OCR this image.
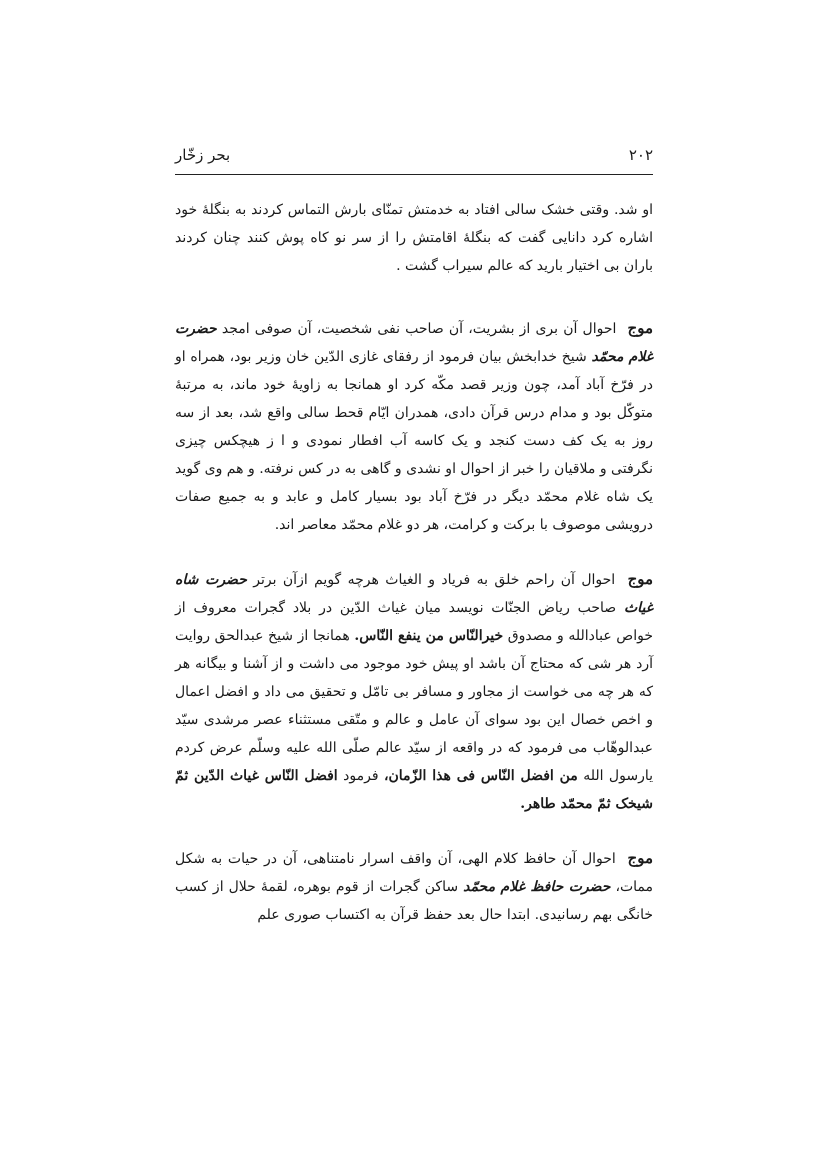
بحر زخّار	۲۰۲

او شد. وقتی خشک سالی افتاد به خدمتش تمنّای بارش التماس کردند به بنگلهٔ خود اشاره کرد دانایی گفت که بنگلهٔ اقامتش را از سر نو کاه پوش کنند چنان کردند باران بی اختیار بارید که عالم سیراب گشت .

موج احوال آن بری از بشریت، آن صاحب نفی شخصیت، آن صوفی امجد حضرت غلام محمّد شیخ خدابخش بیان فرمود از رفقای غازی الدّین خان وزیر بود، همراه او در فرّخ آباد آمد، چون وزیر قصد مکّه کرد او همانجا به زاویهٔ خود ماند، به مرتبهٔ متوکّل بود و مدام درس قرآن دادی، همدران ایّام قحط سالی واقع شد، بعد از سه روز به یک کف دست کنجد و یک کاسه آب افطار نمودی و ا ز هیچکس چیزی نگرفتی و ملاقیان را خبر از احوال او نشدی و گاهی به در کس نرفته. و هم وی گوید یک شاه غلام محمّد دیگر در فرّخ آباد بود بسیار کامل و عابد و به جمیع صفات درویشی موصوف با برکت و کرامت، هر دو غلام محمّد معاصر اند.

موج احوال آن راحم خلق به فریاد و الغیاث هرچه گویم ازآن برتر حضرت شاه غیاث صاحب ریاض الجنّات نویسد میان غیاث الدّین در بلاد گجرات معروف از خواص عبادالله و مصدوق خیرالنّاس من ینفع النّاس. همانجا از شیخ عبدالحق روایت آرد هر شی که محتاج آن باشد او پیش خود موجود می داشت و از آشنا و بیگانه هر که هر چه می خواست از مجاور و مسافر بی تامّل و تحقیق می داد و افضل اعمال و اخص خصال این بود سوای آن عامل و عالم و متّقی مستثناء عصر مرشدی سیّد عبدالوهّاب می فرمود که در واقعه از سیّد عالم صلّی الله علیه وسلّم عرض کردم یارسول الله من افضل النّاس فی هذا الزّمان، فرمود افضل النّاس غیاث الدّین ثمّ شیخک ثمّ محمّد طاهر.

موج احوال آن حافظ کلام الهی، آن واقف اسرار نامتناهی، آن در حیات به شکل ممات، حضرت حافظ غلام محمّد ساکن گجرات از قوم بوهره، لقمهٔ حلال از کسب خانگی بهم رسانیدی. ابتدا حال بعد حفظ قرآن به اکتساب صوری علم
